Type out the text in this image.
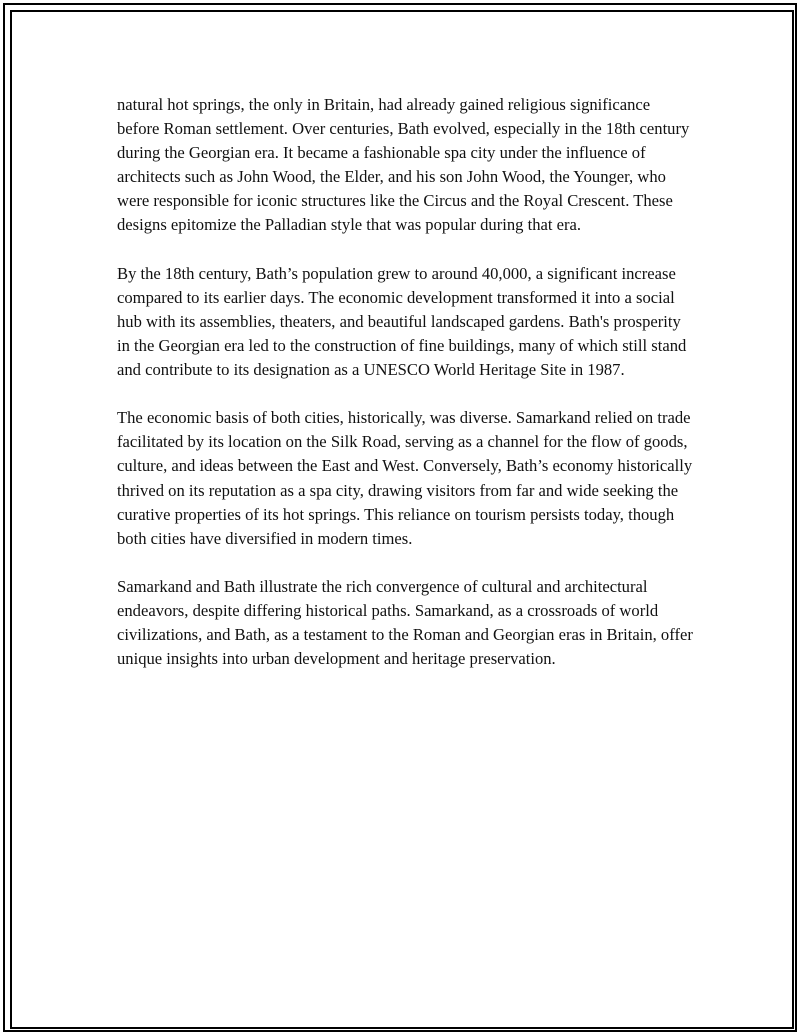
natural hot springs, the only in Britain, had already gained religious significance before Roman settlement. Over centuries, Bath evolved, especially in the 18th century during the Georgian era. It became a fashionable spa city under the influence of architects such as John Wood, the Elder, and his son John Wood, the Younger, who were responsible for iconic structures like the Circus and the Royal Crescent. These designs epitomize the Palladian style that was popular during that era.

By the 18th century, Bath’s population grew to around 40,000, a significant increase compared to its earlier days. The economic development transformed it into a social hub with its assemblies, theaters, and beautiful landscaped gardens. Bath's prosperity in the Georgian era led to the construction of fine buildings, many of which still stand and contribute to its designation as a UNESCO World Heritage Site in 1987.

The economic basis of both cities, historically, was diverse. Samarkand relied on trade facilitated by its location on the Silk Road, serving as a channel for the flow of goods, culture, and ideas between the East and West. Conversely, Bath’s economy historically thrived on its reputation as a spa city, drawing visitors from far and wide seeking the curative properties of its hot springs. This reliance on tourism persists today, though both cities have diversified in modern times.

Samarkand and Bath illustrate the rich convergence of cultural and architectural endeavors, despite differing historical paths. Samarkand, as a crossroads of world civilizations, and Bath, as a testament to the Roman and Georgian eras in Britain, offer unique insights into urban development and heritage preservation.
